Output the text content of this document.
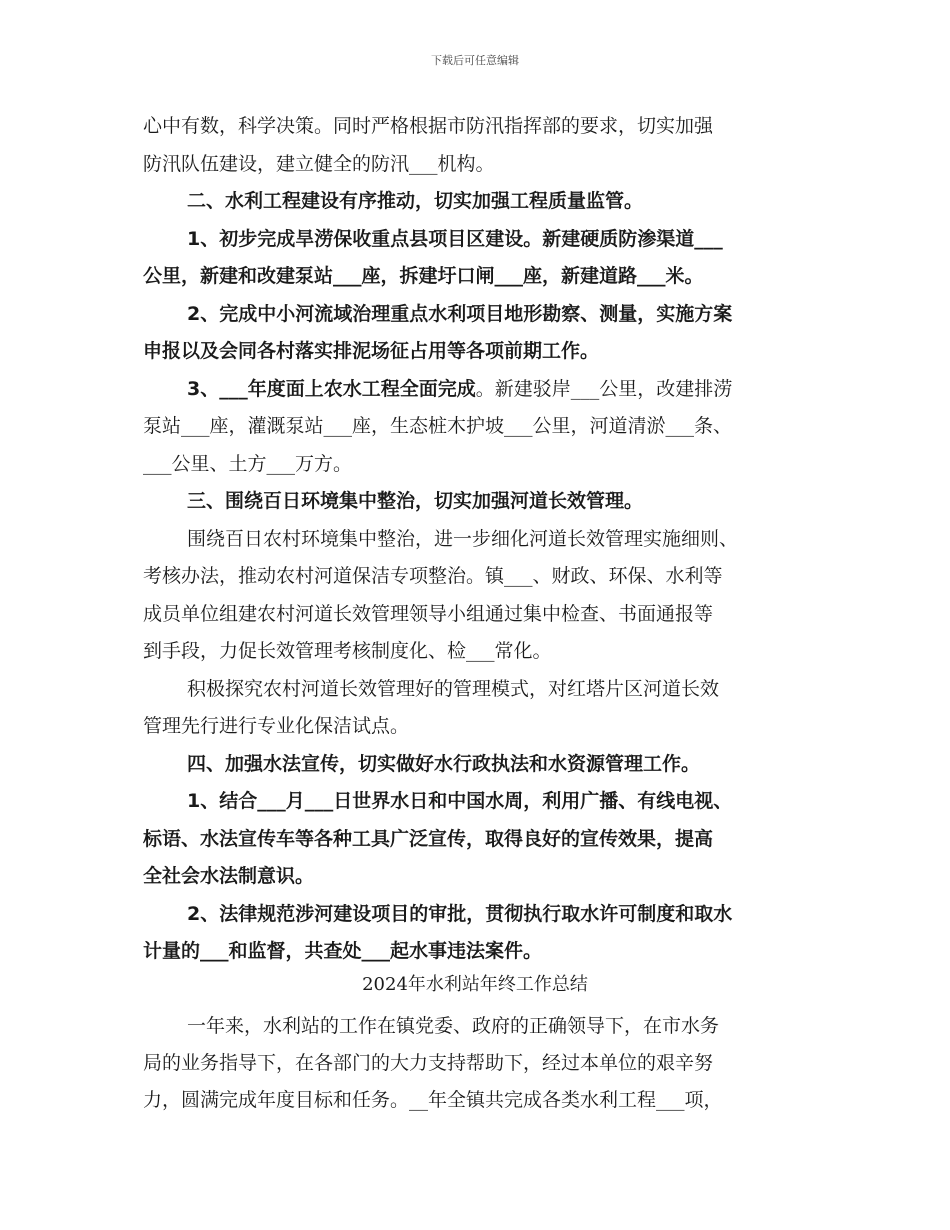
下载后可任意编辑
心中有数，科学决策。同时严格根据市防汛指挥部的要求，切实加强
防汛队伍建设，建立健全的防汛___机构。
二、水利工程建设有序推动，切实加强工程质量监管。
1、初步完成旱涝保收重点县项目区建设。新建硬质防渗渠道___
公里，新建和改建泵站___座，拆建圩口闸___座，新建道路___米。
2、完成中小河流域治理重点水利项目地形勘察、测量，实施方案
申报以及会同各村落实排泥场征占用等各项前期工作。
3、___年度面上农水工程全面完成。新建驳岸___公里，改建排涝
泵站___座，灌溉泵站___座，生态桩木护坡___公里，河道清淤___条、
___公里、土方___万方。
三、围绕百日环境集中整治，切实加强河道长效管理。
围绕百日农村环境集中整治，进一步细化河道长效管理实施细则、
考核办法，推动农村河道保洁专项整治。镇___、财政、环保、水利等
成员单位组建农村河道长效管理领导小组通过集中检查、书面通报等
到手段，力促长效管理考核制度化、检___常化。
积极探究农村河道长效管理好的管理模式，对红塔片区河道长效
管理先行进行专业化保洁试点。
四、加强水法宣传，切实做好水行政执法和水资源管理工作。
1、结合___月___日世界水日和中国水周，利用广播、有线电视、
标语、水法宣传车等各种工具广泛宣传，取得良好的宣传效果，提高
全社会水法制意识。
2、法律规范涉河建设项目的审批，贯彻执行取水许可制度和取水
计量的___和监督，共查处___起水事违法案件。
2024年水利站年终工作总结
一年来，水利站的工作在镇党委、政府的正确领导下，在市水务
局的业务指导下，在各部门的大力支持帮助下，经过本单位的艰辛努
力，圆满完成年度目标和任务。__年全镇共完成各类水利工程___项，
